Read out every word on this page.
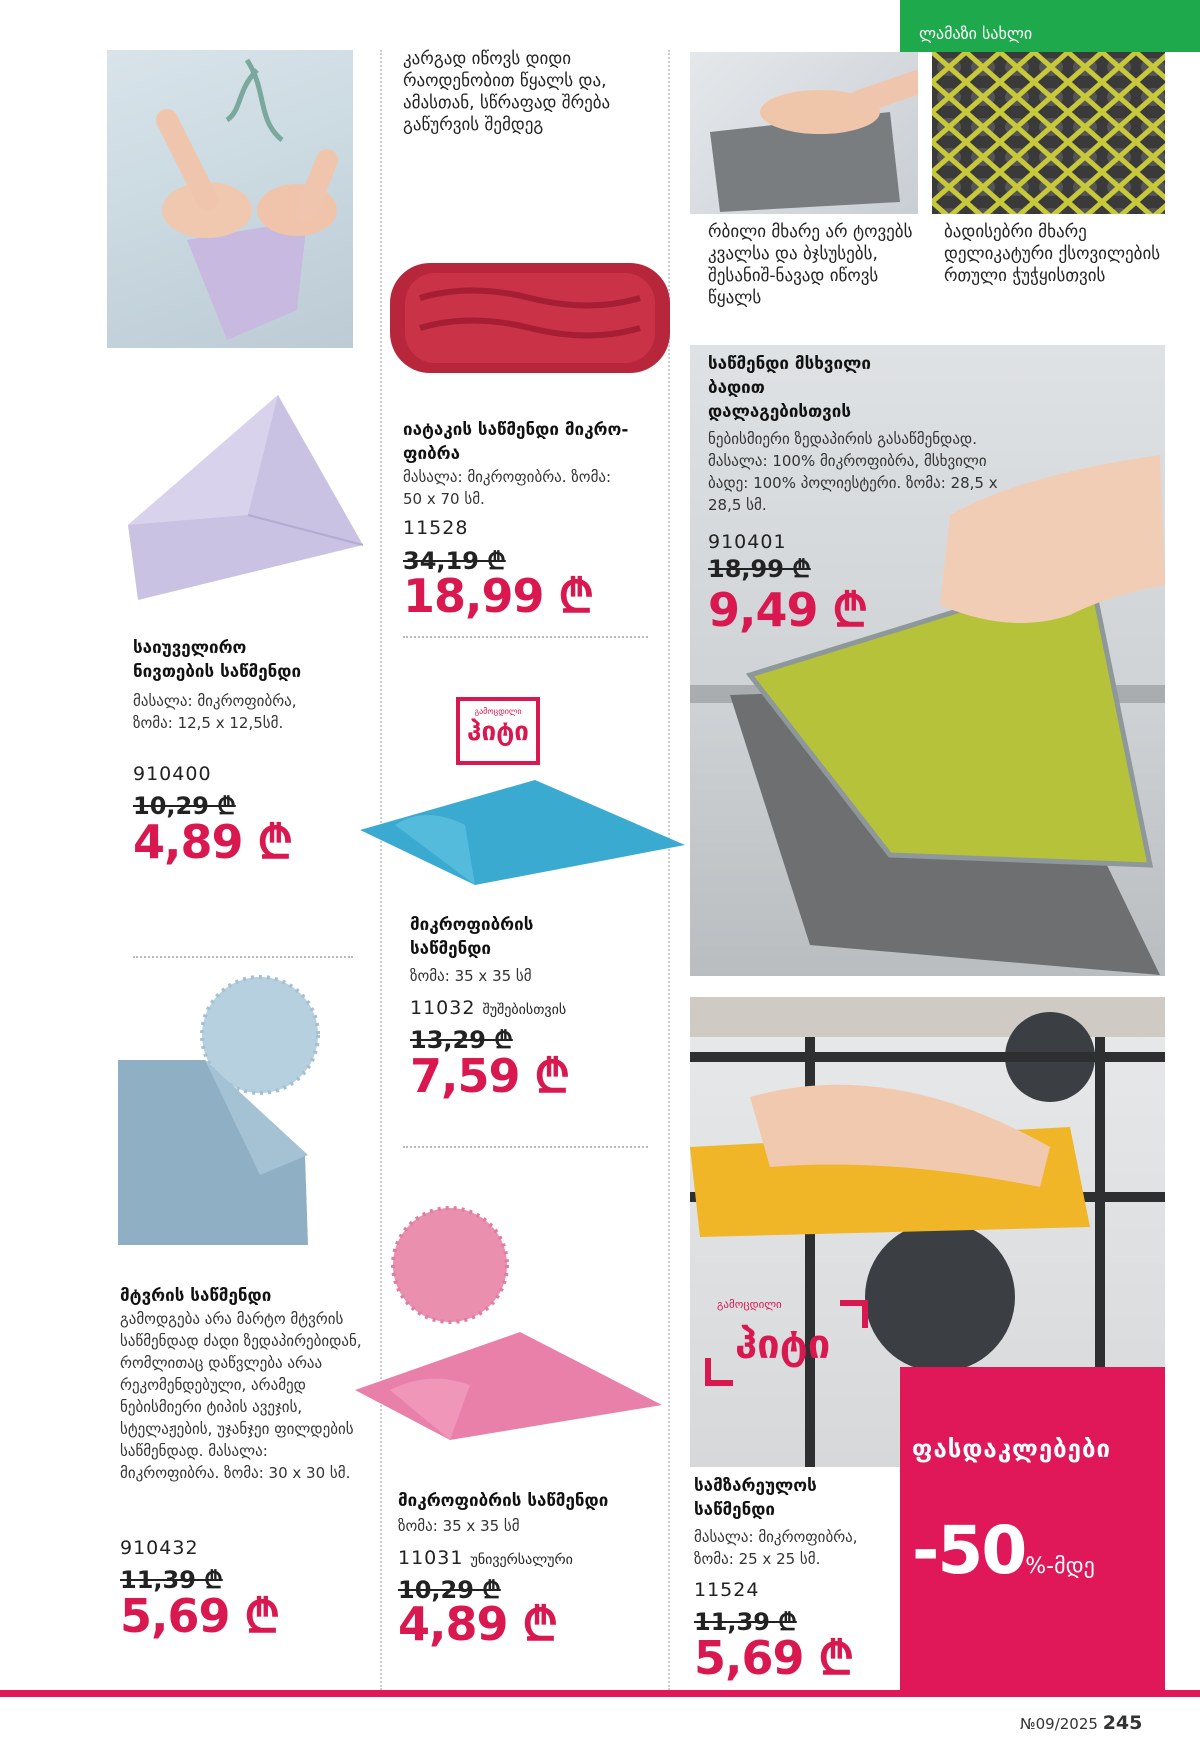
ლამაზი სახლი
საიუველირო ნივთების საწმენდი
მასალა: მიკროფიბრა, ზომა: 12,5 x 12,5სმ.
910400
10,29 ₾
4,89 ₾
მტვრის საწმენდი
გამოდგება არა მარტო მტვრის საწმენდად ძადი ზედაპირებიდან, რომლითაც დაწვლება არაა რეკომენდებული, არამედ ნებისმიერი ტიპის ავეჯის, სტელაჟების, უჯანჯეი ფილდების საწმენდად. მასალა: მიკროფიბრა. ზომა: 30 x 30 სმ.
910432
11,39 ₾
5,69 ₾
კარგად იწოვს დიდი რაოდენობით წყალს და, ამასთან, სწრაფად შრება გაწურვის შემდეგ
იატაკის საწმენდი მიკრო-ფიბრა
მასალა: მიკროფიბრა. ზომა: 50 x 70 სმ.
11528
34,19 ₾
18,99 ₾
გამოცდილი
ჰიტი
მიკროფიბრის საწმენდი
ზომა: 35 x 35 სმ
11032 შუშებისთვის
13,29 ₾
7,59 ₾
მიკროფიბრის საწმენდი
ზომა: 35 x 35 სმ
11031 უნივერსალური
10,29 ₾
4,89 ₾
რბილი მხარე არ ტოვებს კვალსა და ბჯსუსებს, შესანიშ-ნავად იწოვს წყალს
ბადისებრი მხარე დელიკატური ქსოვილების რთული ჭუჭყისთვის
საწმენდი მსხვილი ბადით დალაგებისთვის
ნებისმიერი ზედაპირის გასაწმენდად. მასალა: 100% მიკროფიბრა, მსხვილი ბადე: 100% პოლიესტერი. ზომა: 28,5 x 28,5 სმ.
910401
18,99 ₾
9,49 ₾
გამოცდილი
ჰიტი
სამზარეულოს საწმენდი
მასალა: მიკროფიბრა, ზომა: 25 x 25 სმ.
11524
11,39 ₾
5,69 ₾
ფასდაკლებები
-50%-მდე
№09/2025 245
